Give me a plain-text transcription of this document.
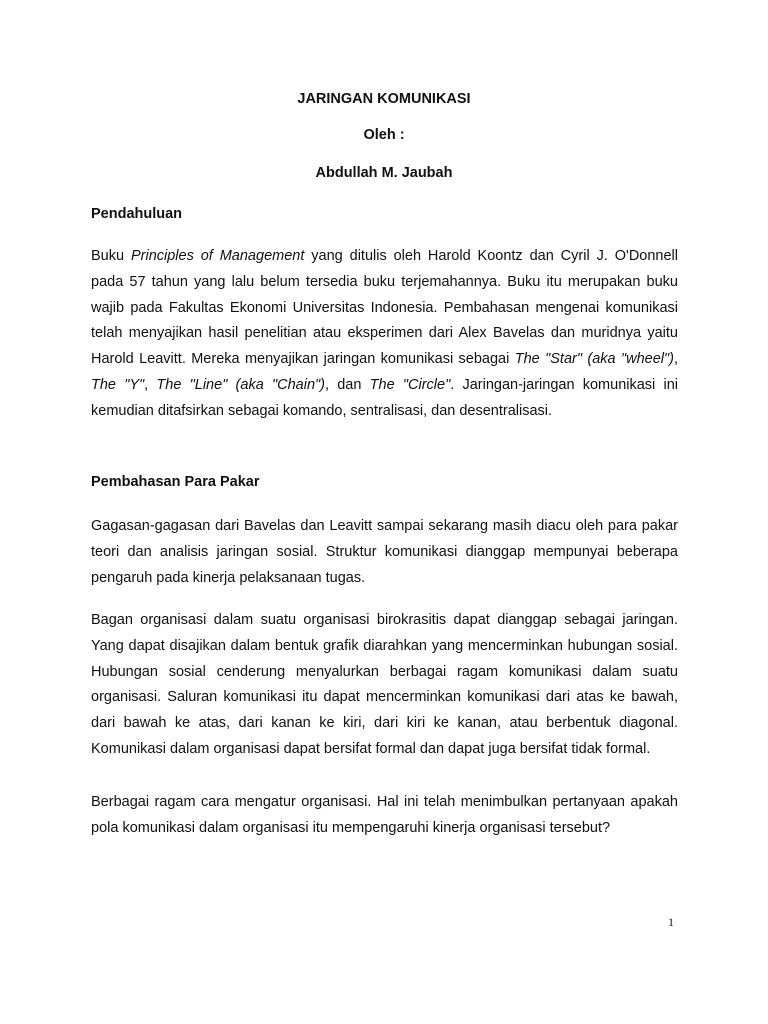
JARINGAN KOMUNIKASI

Oleh :

Abdullah M. Jaubah

Pendahuluan

Buku Principles of Management yang ditulis oleh Harold Koontz dan Cyril J. O'Donnell pada 57 tahun yang lalu belum tersedia buku terjemahannya. Buku itu merupakan buku wajib pada Fakultas Ekonomi Universitas Indonesia. Pembahasan mengenai komunikasi telah menyajikan hasil penelitian atau eksperimen dari Alex Bavelas dan muridnya yaitu Harold Leavitt. Mereka menyajikan jaringan komunikasi sebagai The "Star" (aka "wheel"), The "Y", The "Line" (aka "Chain"), dan The "Circle". Jaringan-jaringan komunikasi ini kemudian ditafsirkan sebagai komando, sentralisasi, dan desentralisasi.

Pembahasan Para Pakar

Gagasan-gagasan dari Bavelas dan Leavitt sampai sekarang masih diacu oleh para pakar teori dan analisis jaringan sosial. Struktur komunikasi dianggap mempunyai beberapa pengaruh pada kinerja pelaksanaan tugas.

Bagan organisasi dalam suatu organisasi birokrasitis dapat dianggap sebagai jaringan. Yang dapat disajikan dalam bentuk grafik diarahkan yang mencerminkan hubungan sosial. Hubungan sosial cenderung menyalurkan berbagai ragam komunikasi dalam suatu organisasi. Saluran komunikasi itu dapat mencerminkan komunikasi dari atas ke bawah, dari bawah ke atas, dari kanan ke kiri, dari kiri ke kanan, atau berbentuk diagonal. Komunikasi dalam organisasi dapat bersifat formal dan dapat juga bersifat tidak formal.

Berbagai ragam cara mengatur organisasi. Hal ini telah menimbulkan pertanyaan apakah pola komunikasi dalam organisasi itu mempengaruhi kinerja organisasi tersebut?

1
